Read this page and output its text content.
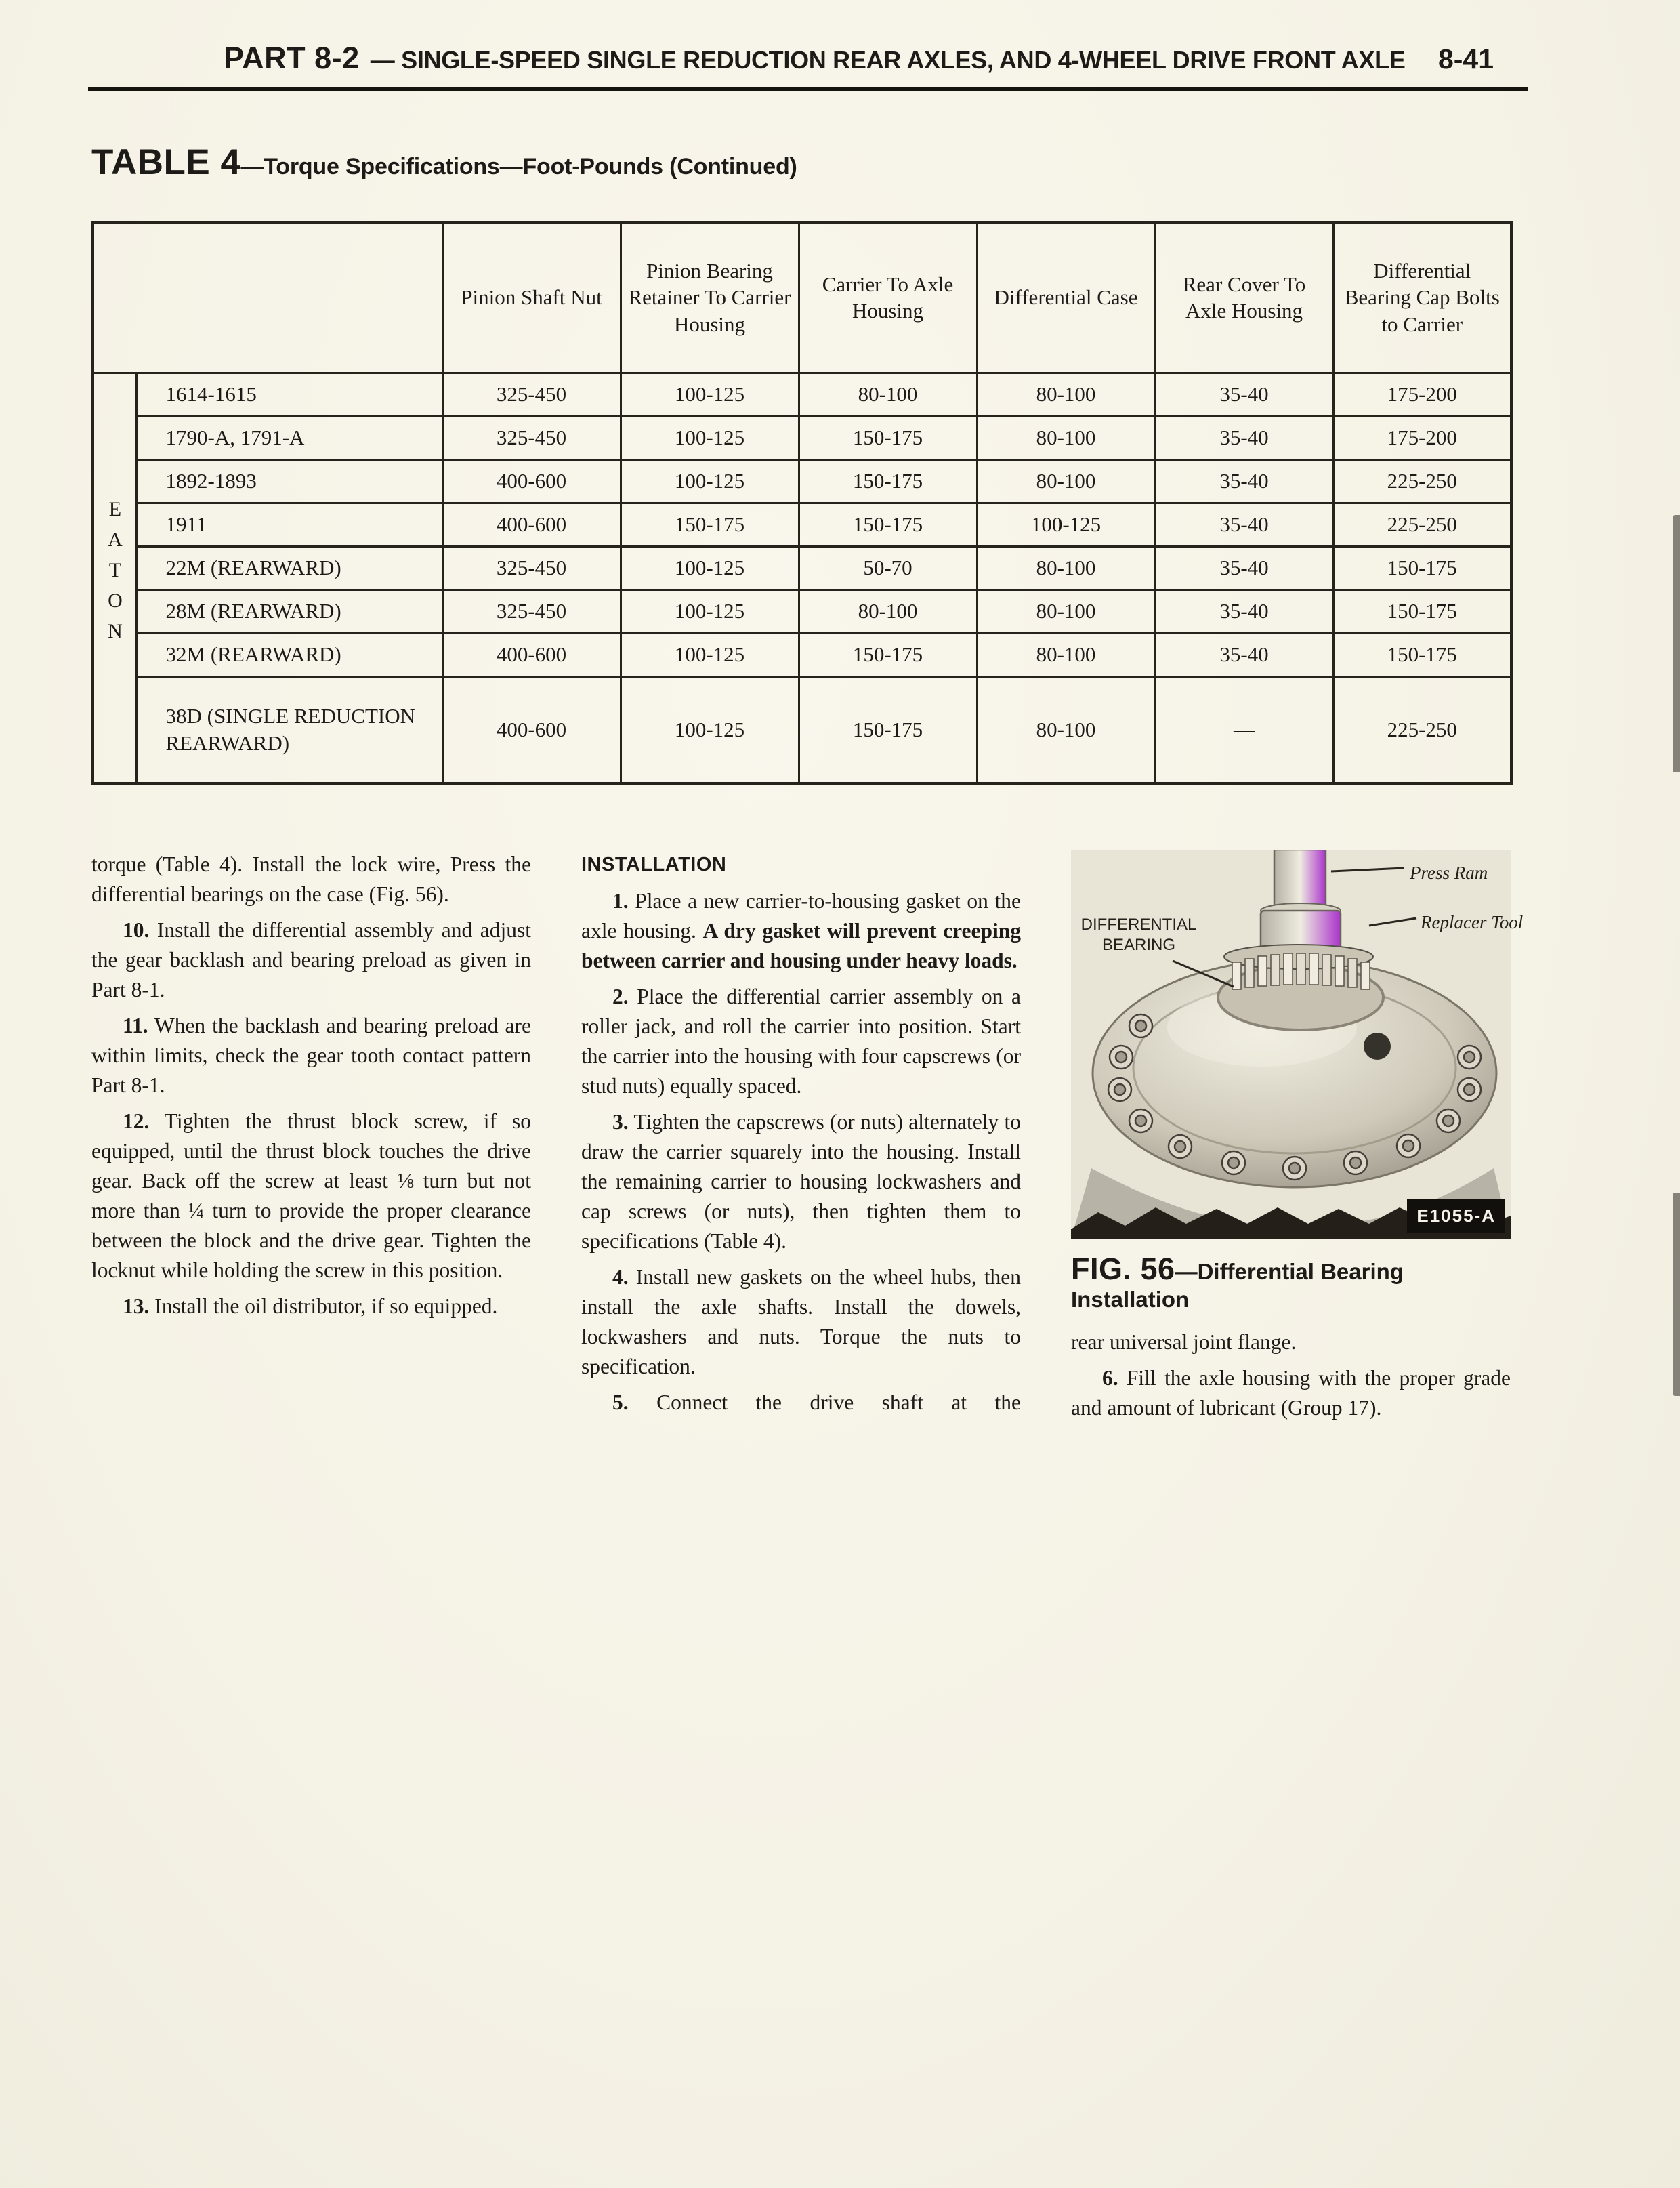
PART 8-2 — SINGLE-SPEED SINGLE REDUCTION REAR AXLES, AND 4-WHEEL DRIVE FRONT AXLE 8-41
TABLE 4—Torque Specifications—Foot-Pounds (Continued)
		Pinion Shaft Nut	Pinion Bearing Retainer To Carrier Housing	Carrier To Axle Housing	Differential Case	Rear Cover To Axle Housing	Differential Bearing Cap Bolts to Carrier
EATON	1614-1615	325-450	100-125	80-100	80-100	35-40	175-200
	1790-A, 1791-A	325-450	100-125	150-175	80-100	35-40	175-200
	1892-1893	400-600	100-125	150-175	80-100	35-40	225-250
	1911	400-600	150-175	150-175	100-125	35-40	225-250
	22M (REARWARD)	325-450	100-125	50-70	80-100	35-40	150-175
	28M (REARWARD)	325-450	100-125	80-100	80-100	35-40	150-175
	32M (REARWARD)	400-600	100-125	150-175	80-100	35-40	150-175
	38D (SINGLE REDUCTION REARWARD)	400-600	100-125	150-175	80-100	—	225-250

torque (Table 4). Install the lock wire, Press the differential bearings on the case (Fig. 56).

10. Install the differential assembly and adjust the gear backlash and bearing preload as given in Part 8-1.

11. When the backlash and bearing preload are within limits, check the gear tooth contact pattern Part 8-1.

12. Tighten the thrust block screw, if so equipped, until the thrust block touches the drive gear. Back off the screw at least ⅛ turn but not more than ¼ turn to provide the proper clearance between the block and the drive gear. Tighten the locknut while holding the screw in this position.

13. Install the oil distributor, if so equipped.

INSTALLATION

1. Place a new carrier-to-housing gasket on the axle housing. A dry gasket will prevent creeping between carrier and housing under heavy loads.

2. Place the differential carrier assembly on a roller jack, and roll the carrier into position. Start the carrier into the housing with four capscrews (or stud nuts) equally spaced.

3. Tighten the capscrews (or nuts) alternately to draw the carrier squarely into the housing. Install the remaining carrier to housing lockwashers and cap screws (or nuts), then tighten them to specifications (Table 4).

4. Install new gaskets on the wheel hubs, then install the axle shafts. Install the dowels, lockwashers and nuts. Torque the nuts to specification.

5. Connect the drive shaft at the

Press Ram
Replacer Tool
DIFFERENTIAL
BEARING
E1055-A
FIG. 56—Differential Bearing Installation

rear universal joint flange.

6. Fill the axle housing with the proper grade and amount of lubricant (Group 17).
